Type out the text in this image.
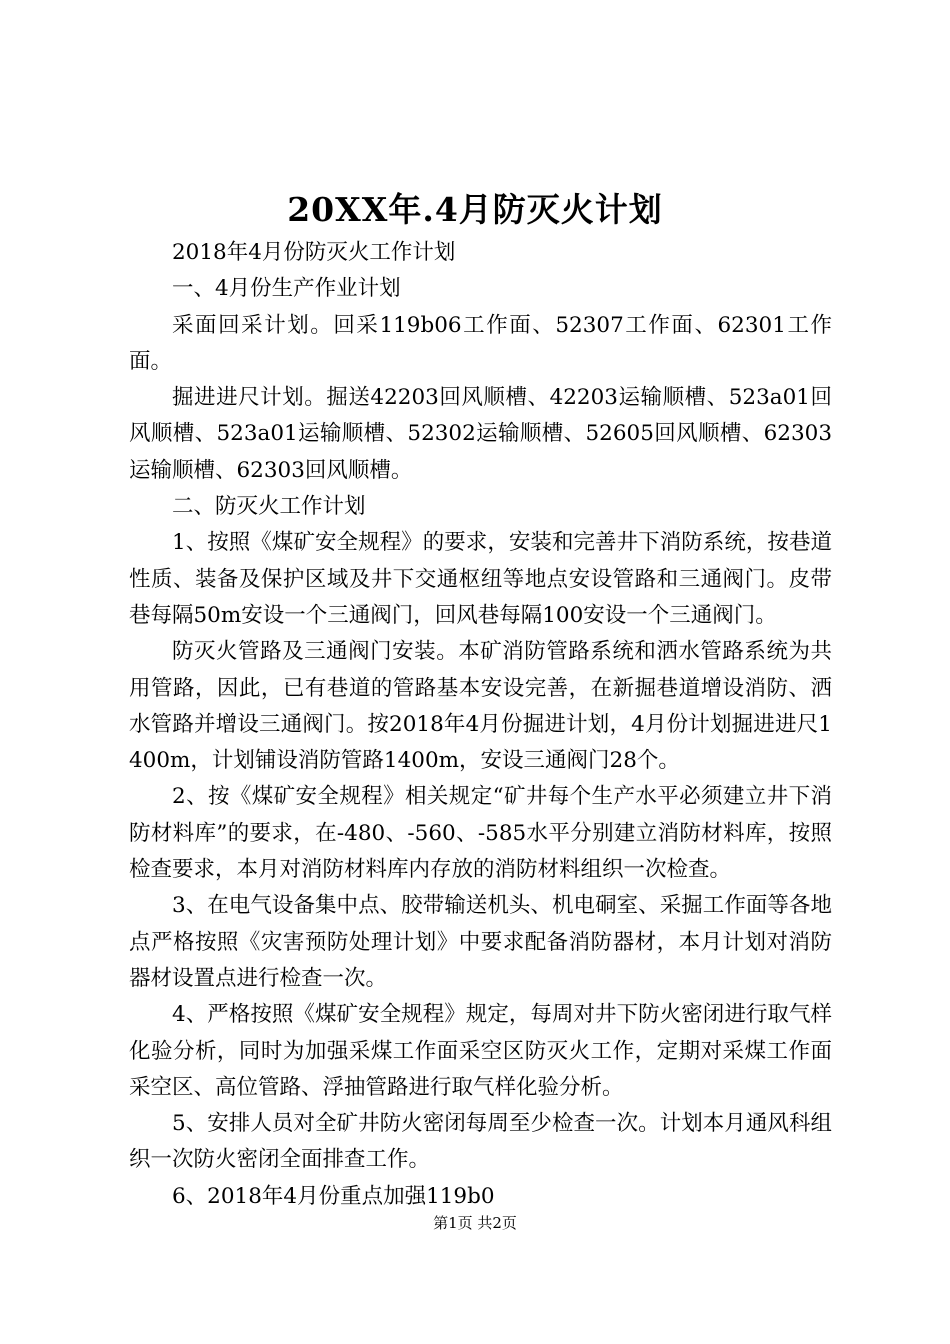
20XX年.4月防灭火计划

2018年4月份防灭火工作计划

一、4月份生产作业计划

采面回采计划。回采119b06工作面、52307工作面、62301工作面。

掘进进尺计划。掘送42203回风顺槽、42203运输顺槽、523a01回风顺槽、523a01运输顺槽、52302运输顺槽、52605回风顺槽、62303运输顺槽、62303回风顺槽。

二、防灭火工作计划

1、按照《煤矿安全规程》的要求，安装和完善井下消防系统，按巷道性质、装备及保护区域及井下交通枢纽等地点安设管路和三通阀门。皮带巷每隔50m安设一个三通阀门，回风巷每隔100安设一个三通阀门。

防灭火管路及三通阀门安装。本矿消防管路系统和洒水管路系统为共用管路，因此，已有巷道的管路基本安设完善，在新掘巷道增设消防、洒水管路并增设三通阀门。按2018年4月份掘进计划，4月份计划掘进进尺1400m，计划铺设消防管路1400m，安设三通阀门28个。

2、按《煤矿安全规程》相关规定“矿井每个生产水平必须建立井下消防材料库”的要求，在-480、-560、-585水平分别建立消防材料库，按照检查要求，本月对消防材料库内存放的消防材料组织一次检查。

3、在电气设备集中点、胶带输送机头、机电硐室、采掘工作面等各地点严格按照《灾害预防处理计划》中要求配备消防器材，本月计划对消防器材设置点进行检查一次。

4、严格按照《煤矿安全规程》规定，每周对井下防火密闭进行取气样化验分析，同时为加强采煤工作面采空区防灭火工作，定期对采煤工作面采空区、高位管路、浮抽管路进行取气样化验分析。

5、安排人员对全矿井防火密闭每周至少检查一次。计划本月通风科组织一次防火密闭全面排查工作。

6、2018年4月份重点加强119b0

第1页 共2页
